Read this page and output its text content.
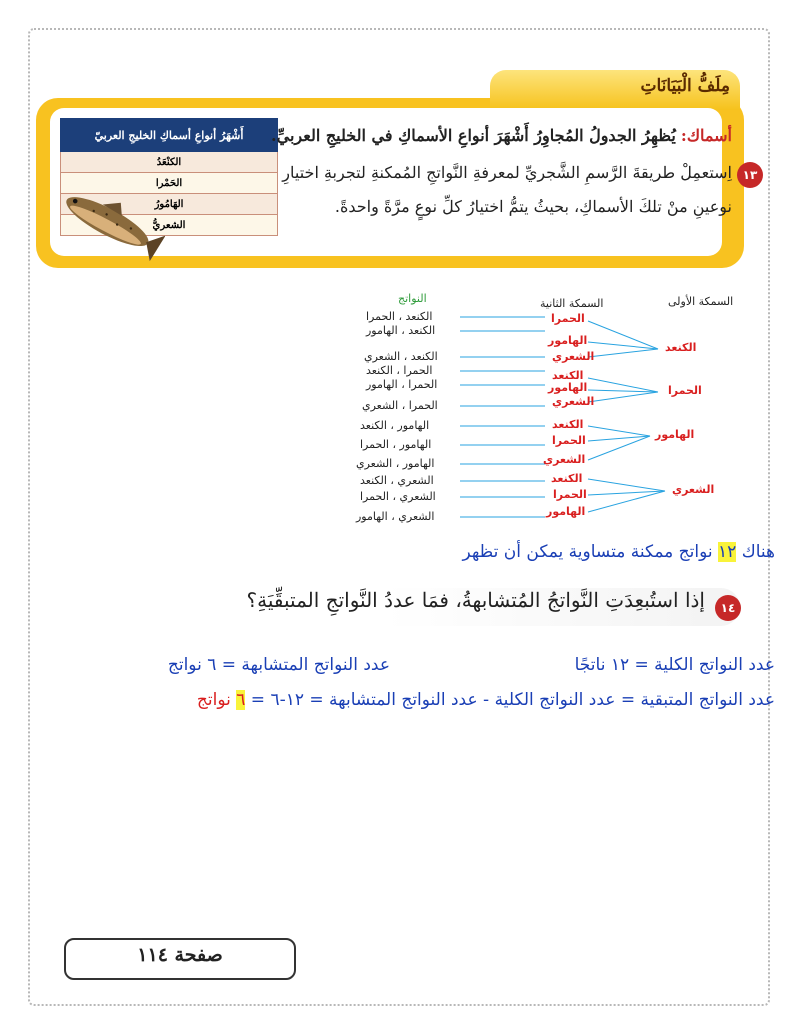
مِلَفُّ الْبَيَانَاتِ
أَشْهَرُ أنواعِ أسماكِ الخليجِ العربيّ
الكنْعَدُ
الحَمْرا
الهَامُورُ
الشعريُّ
١٣
أسماك: يُظهِرُ الجدولُ المُجاوِرُ أَشْهَرَ أنواعِ الأسماكِ في الخليجِ العربيِّ.
اِستعمِلْ طريقةَ الرَّسمِ الشَّجريِّ لمعرفةِ النَّواتجِ المُمكنةِ لتجربةِ اختيارِ
نوعينِ منْ تلكَ الأسماكِ، بحيثُ يتمُّ اختيارُ كلِّ نوعٍ مرَّةً واحدةً.
السمكة الأولى
السمكة الثانية
النواتج
الكنعد
الحمرا
الهامور
الشعري
الحمرا
الهامور
الشعري
الكنعد
الهامور
الشعري
الكنعد
الحمرا
الشعري
الكنعد
الحمرا
الهامور
الكنعد ، الحمرا
الكنعد ، الهامور
الكنعد ، الشعري
الحمرا ، الكنعد
الحمرا ، الهامور
الحمرا ، الشعري
الهامور ، الكنعد
الهامور ، الحمرا
الهامور ، الشعري
الشعري ، الكنعد
الشعري ، الحمرا
الشعري ، الهامور
هناك ١٢ نواتج ممكنة متساوية يمكن أن تظهر
١٤
إذا استُبعِدَتِ النَّواتجُ المُتشابهةُ، فمَا عددُ النَّواتجِ المتبقِّيَةِ؟
عدد النواتج الكلية = ١٢ ناتجًا
عدد النواتج المتشابهة = ٦ نواتج
عدد النواتج المتبقية = عدد النواتج الكلية - عدد النواتج المتشابهة = ١٢-٦ = ٦ نواتج
صفحة ١١٤
